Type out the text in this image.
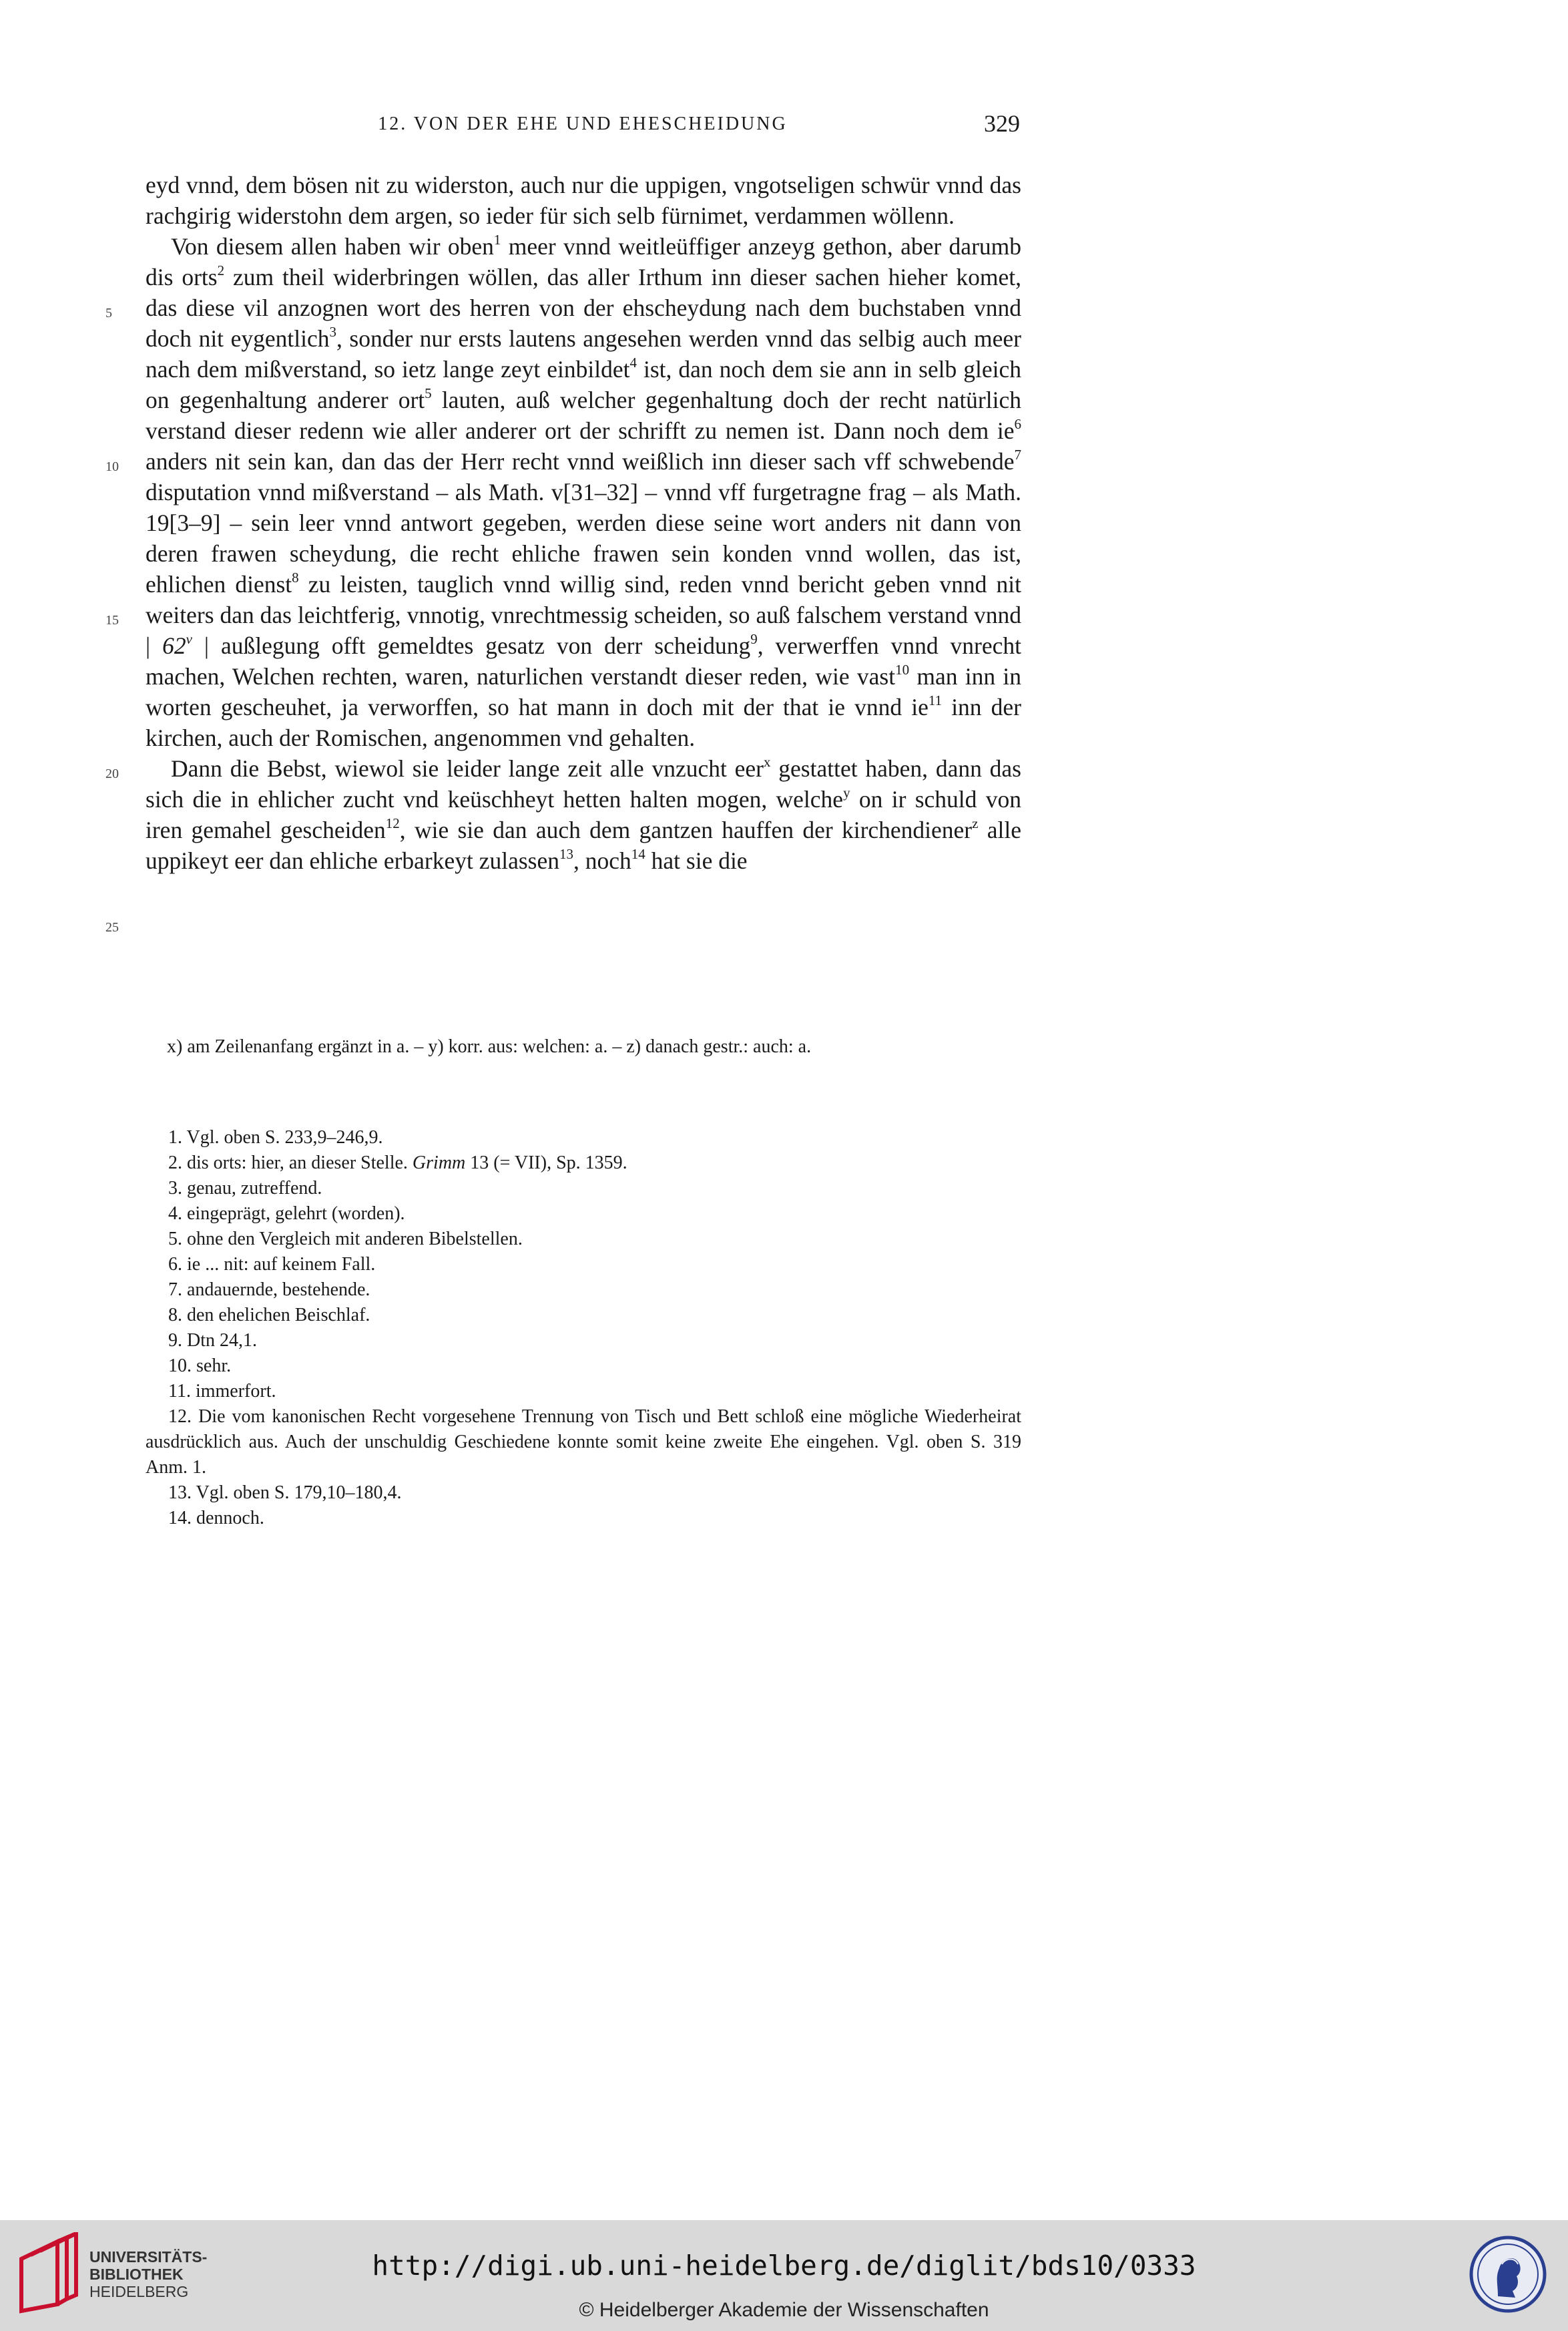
12. VON DER EHE UND EHESCHEIDUNG	329
5
10
15
20
25

eyd vnnd, dem bösen nit zu widerston, auch nur die uppigen, vngotseligen schwür vnnd das rachgirig widerstohn dem argen, so ieder für sich selb fürnimet, verdammen wöllenn.

Von diesem allen haben wir oben$^1$ meer vnnd weitleüffiger anzeyg gethon, aber darumb dis orts$^2$ zum theil widerbringen wöllen, das aller Irthum inn dieser sachen hieher komet, das diese vil anzognen wort des herren von der ehscheydung nach dem buchstaben vnnd doch nit eygentlich$^3$, sonder nur ersts lautens angesehen werden vnnd das selbig auch meer nach dem mißverstand, so ietz lange zeyt einbildet$^4$ ist, dan noch dem sie ann in selb gleich on gegenhaltung anderer ort$^5$ lauten, auß welcher gegenhaltung doch der recht natürlich verstand dieser redenn wie aller anderer ort der schrifft zu nemen ist. Dann noch dem $ie^6$ anders nit sein kan, dan das der Herr recht vnnd weißlich inn dieser sach vff schwebende$^7$ disputation vnnd mißverstand – als Math. v[31–32] – vnnd vff furgetragne frag – als Math. 19[3–9] – sein leer vnnd antwort gegeben, werden diese seine wort anders nit dann von deren frawen scheydung, die recht ehliche frawen sein konden vnnd wollen, das ist, ehlichen dienst$^8$ zu leisten, tauglich vnnd willig sind, reden vnnd bericht geben vnnd nit weiters dan das leichtferig, vnnotig, vnrechtmessig scheiden, so auß falschem verstand vnnd | 62$^v$ | außlegung offt gemeldtes gesatz von derr scheidung$^9$, verwerffen vnnd vnrecht machen, Welchen rechten, waren, naturlichen verstandt dieser reden, wie vast$^{10}$ man inn in worten gescheuhet, ja verworffen, so hat mann in doch mit der that ie vnnd $ie^{11}$ inn der kirchen, auch der Romischen, angenommen vnd gehalten.

Dann die Bebst, wiewol sie leider lange zeit alle vnzucht eer$^x$ gestattet haben, dann das sich die in ehlicher zucht vnd keüschheyt hetten halten mogen, welche$^y$ on ir schuld von iren gemahel gescheiden$^{12}$, wie sie dan auch dem gantzen hauffen der kirchendiener$^z$ alle uppikeyt eer dan ehliche erbarkeyt zulassen$^{13}$, noch$^{14}$ hat sie die

x) am Zeilenanfang ergänzt in a. – y) korr. aus: welchen: a. – z) danach gestr.: auch: a.
1. Vgl. oben S. 233,9–246,9.
2. dis orts: hier, an dieser Stelle. Grimm 13 (= VII), Sp. 1359.
3. genau, zutreffend.
4. eingeprägt, gelehrt (worden).
5. ohne den Vergleich mit anderen Bibelstellen.
6. ie ... nit: auf keinem Fall.
7. andauernde, bestehende.
8. den ehelichen Beischlaf.
9. Dtn 24,1.
10. sehr.
11. immerfort.
12. Die vom kanonischen Recht vorgesehene Trennung von Tisch und Bett schloß eine mögliche Wiederheirat ausdrücklich aus. Auch der unschuldig Geschiedene konnte somit keine zweite Ehe eingehen. Vgl. oben S. 319 Anm. 1.
13. Vgl. oben S. 179,10–180,4.
14. dennoch.
UNIVERSITÄTS-
BIBLIOTHEK
HEIDELBERG
http://digi.ub.uni-heidelberg.de/diglit/bds10/0333
© Heidelberger Akademie der Wissenschaften
